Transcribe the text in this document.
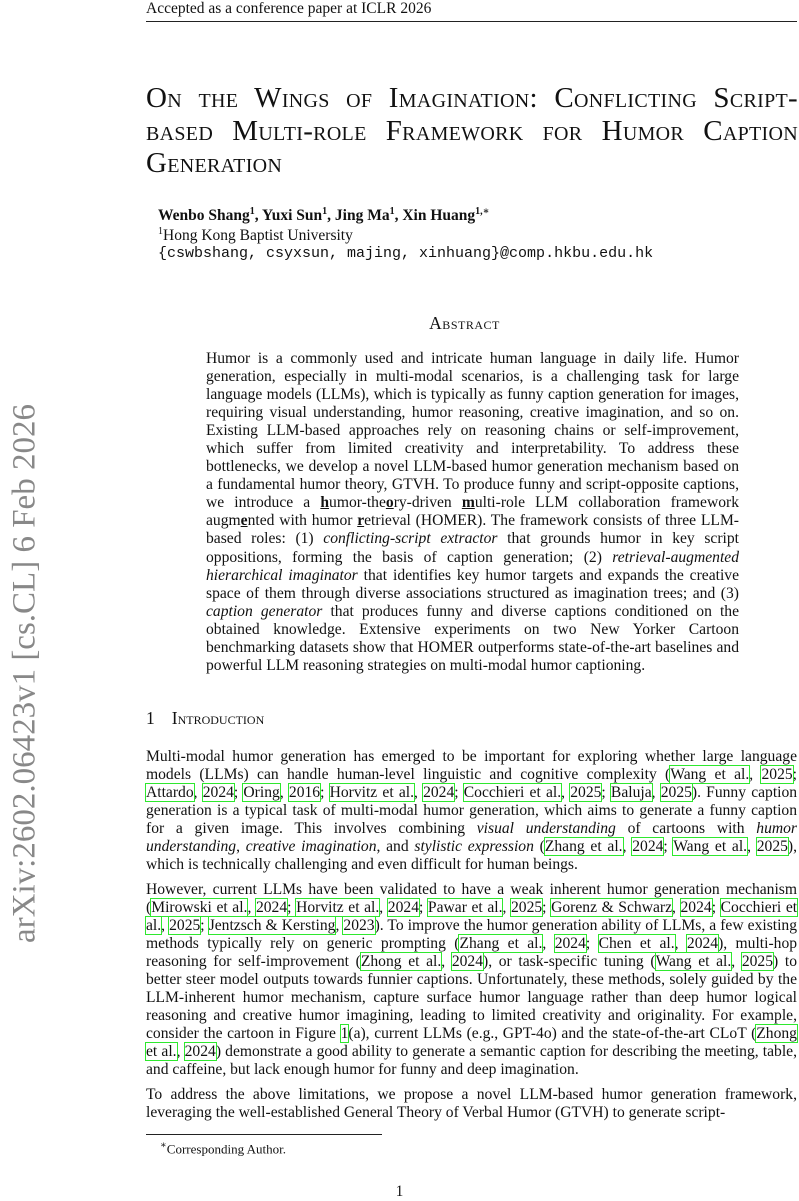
Accepted as a conference paper at ICLR 2026
arXiv:2602.06423v1 [cs.CL] 6 Feb 2026
On the Wings of Imagination: Conflicting Script-based Multi-role Framework for Humor Caption Generation
Wenbo Shang$^1$, Yuxi Sun$^1$, Jing Ma$^1$, Xin Huang$^{1,∗}$
$^1$Hong Kong Baptist University
{cswbshang, csyxsun, majing, xinhuang}@comp.hkbu.edu.hk
Abstract
Humor is a commonly used and intricate human language in daily life. Humor generation, especially in multi-modal scenarios, is a challenging task for large language models (LLMs), which is typically as funny caption generation for images, requiring visual understanding, humor reasoning, creative imagination, and so on. Existing LLM-based approaches rely on reasoning chains or self-improvement, which suffer from limited creativity and interpretability. To address these bottlenecks, we develop a novel LLM-based humor generation mechanism based on a fundamental humor theory, GTVH. To produce funny and script-opposite captions, we introduce a humor-theory-driven multi-role LLM collaboration framework augmented with humor retrieval (HOMER). The framework consists of three LLM-based roles: (1) conflicting-script extractor that grounds humor in key script oppositions, forming the basis of caption generation; (2) retrieval-augmented hierarchical imaginator that identifies key humor targets and expands the creative space of them through diverse associations structured as imagination trees; and (3) caption generator that produces funny and diverse captions conditioned on the obtained knowledge. Extensive experiments on two New Yorker Cartoon benchmarking datasets show that HOMER outperforms state-of-the-art baselines and powerful LLM reasoning strategies on multi-modal humor captioning.
1 Introduction
Multi-modal humor generation has emerged to be important for exploring whether large language models (LLMs) can handle human-level linguistic and cognitive complexity (Wang et al., 2025; Attardo, 2024; Oring, 2016; Horvitz et al., 2024; Cocchieri et al., 2025; Baluja, 2025). Funny caption generation is a typical task of multi-modal humor generation, which aims to generate a funny caption for a given image. This involves combining visual understanding of cartoons with humor understanding, creative imagination, and stylistic expression (Zhang et al., 2024; Wang et al., 2025), which is technically challenging and even difficult for human beings.
However, current LLMs have been validated to have a weak inherent humor generation mechanism (Mirowski et al., 2024; Horvitz et al., 2024; Pawar et al., 2025; Gorenz & Schwarz, 2024; Cocchieri et al., 2025; Jentzsch & Kersting, 2023). To improve the humor generation ability of LLMs, a few existing methods typically rely on generic prompting (Zhang et al., 2024; Chen et al., 2024), multi-hop reasoning for self-improvement (Zhong et al., 2024), or task-specific tuning (Wang et al., 2025) to better steer model outputs towards funnier captions. Unfortunately, these methods, solely guided by the LLM-inherent humor mechanism, capture surface humor language rather than deep humor logical reasoning and creative humor imagining, leading to limited creativity and originality. For example, consider the cartoon in Figure 1(a), current LLMs (e.g., GPT-4o) and the state-of-the-art CLoT (Zhong et al., 2024) demonstrate a good ability to generate a semantic caption for describing the meeting, table, and caffeine, but lack enough humor for funny and deep imagination.
To address the above limitations, we propose a novel LLM-based humor generation framework, leveraging the well-established General Theory of Verbal Humor (GTVH) to generate script-
∗Corresponding Author.
1
